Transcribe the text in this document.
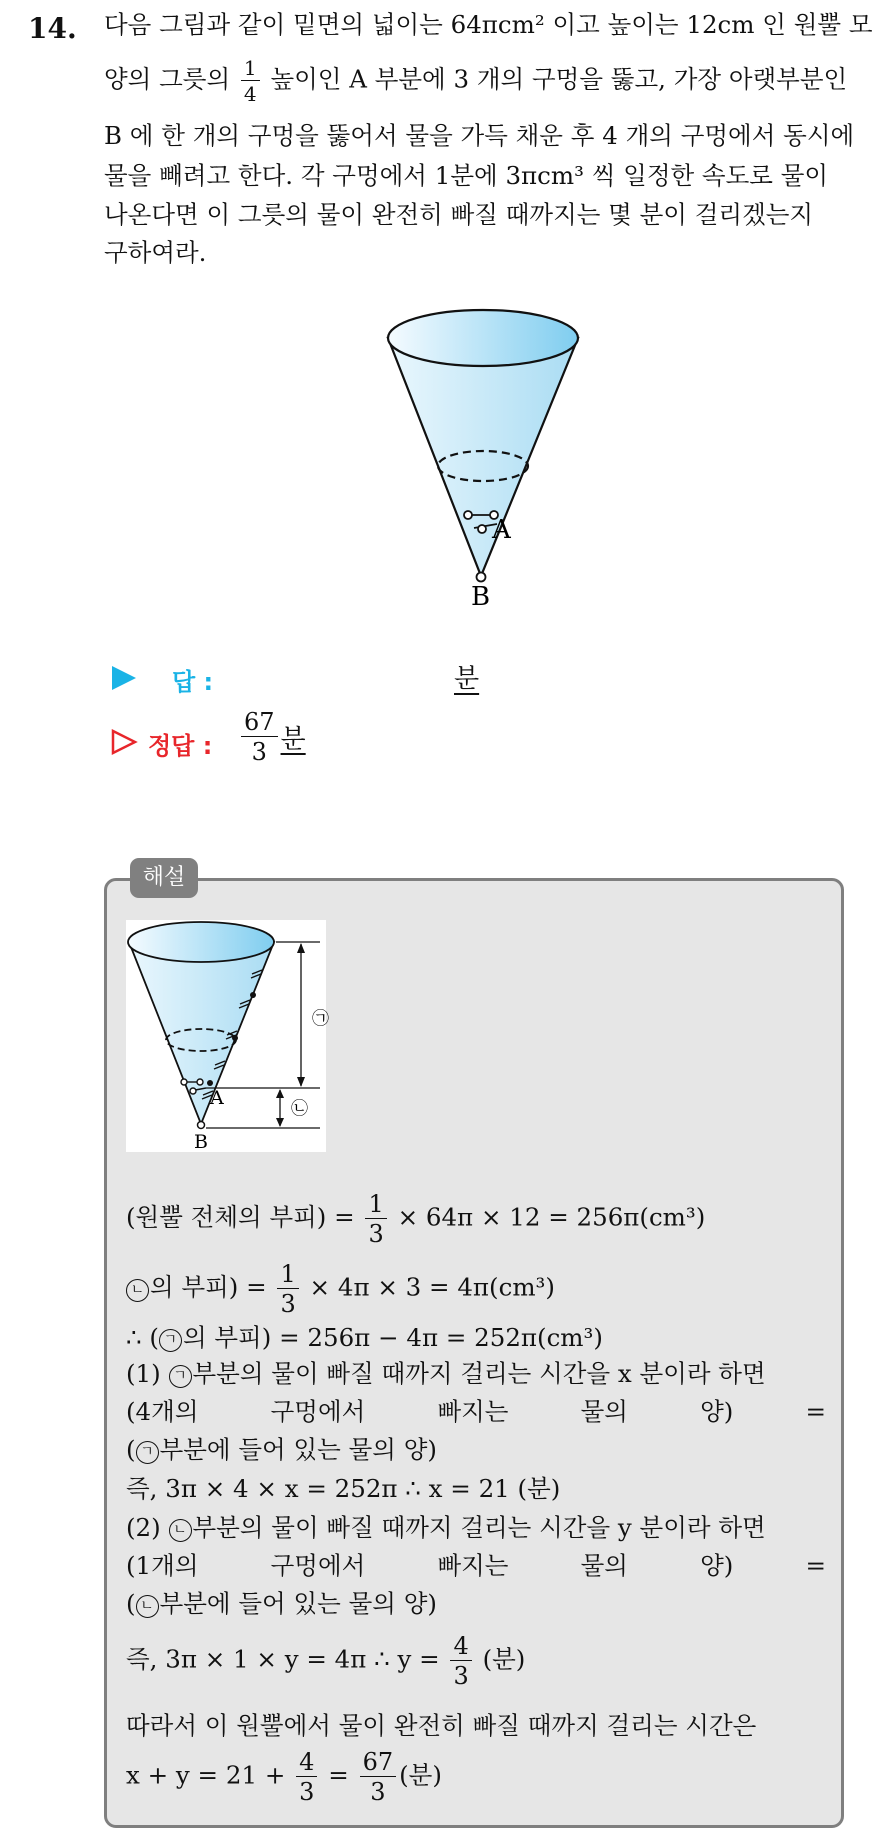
14. 다음 그림과 같이 밑면의 넓이는 64πcm² 이고 높이는 12cm 인 원뿔 모
양의 그릇의 $\frac{1}{4}$ 높이인 A 부분에 3 개의 구멍을 뚫고, 가장 아랫부분인
B 에 한 개의 구멍을 뚫어서 물을 가득 채운 후 4 개의 구멍에서 동시에
물을 빼려고 한다. 각 구멍에서 1분에 3πcm³ 씩 일정한 속도로 물이
나온다면 이 그릇의 물이 완전히 빠질 때까지는 몇 분이 걸리겠는지
구하여라.
A
B
답 :	분
정답 : $\frac{67}{3}$ 분
해설
A
B
㉠
㉡
(원뿔 전체의 부피) = $\frac{1}{3} \times 64\pi \times 12 = 256\pi(cm^3)$
ㄴ 의 부피) = $\frac{1}{3} \times 4\pi \times 3 = 4\pi(cm^3)$
∴ ( ㄱ 의 부피) = 256π − 4π = 252π(cm³)
(1) ㄱ 부분의 물이 빠질 때까지 걸리는 시간을 x 분이라 하면
(4개의	구멍에서	빠지는	물의	양)	=
( ㄱ 부분에 들어 있는 물의 양)
즉, 3π × 4 × x = 252π ∴ x = 21 (분)
(2) ㄴ 부분의 물이 빠질 때까지 걸리는 시간을 y 분이라 하면
(1개의	구멍에서	빠지는	물의	양)	=
( ㄴ 부분에 들어 있는 물의 양)
즉, 3π × 1 × y = 4π ∴ $y = \frac{4}{3}$ (분)
따라서 이 원뿔에서 물이 완전히 빠질 때까지 걸리는 시간은
$x + y = 21 + \frac{4}{3} = \frac{67}{3}$ (분)
